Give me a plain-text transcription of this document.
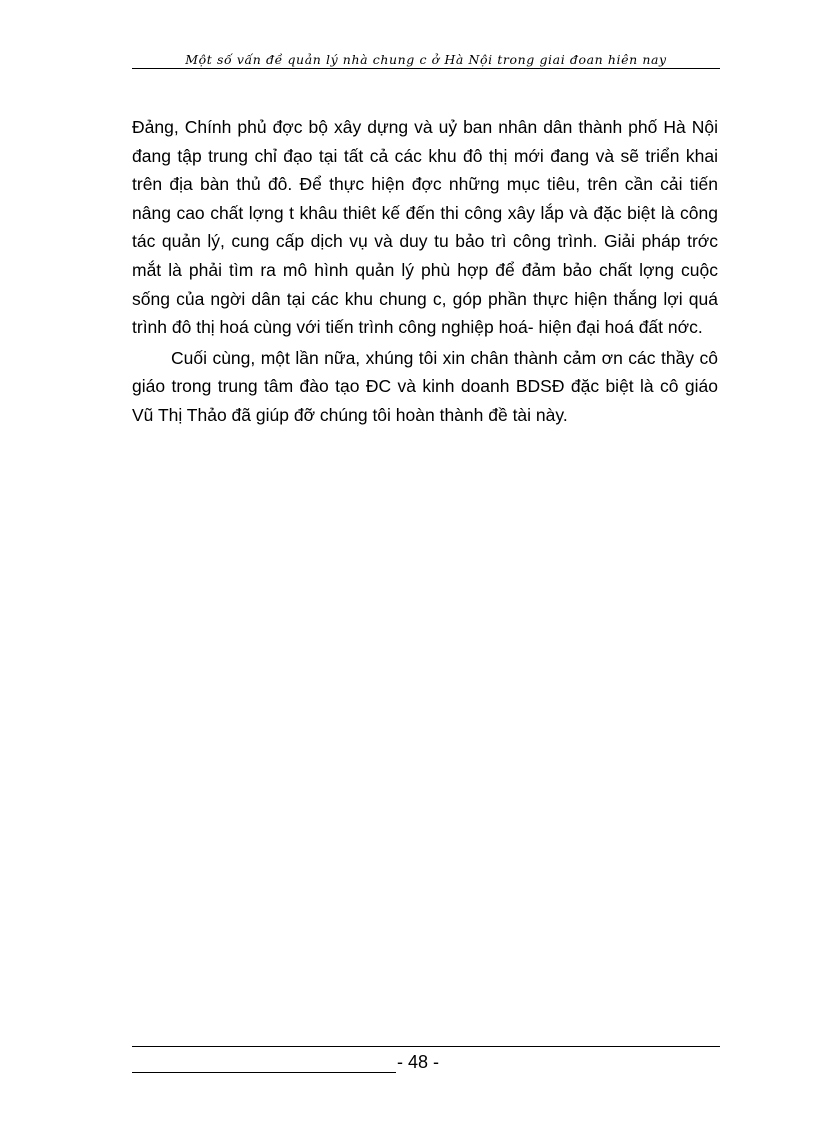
Một số vấn đề quản lý nhà chung c ở Hà Nội trong giai đoan hiên nay

Đảng, Chính phủ đợc bộ xây dựng và uỷ ban nhân dân thành phố Hà Nội đang tập trung chỉ đạo tại tất cả các khu đô thị mới đang và sẽ triển khai trên địa bàn thủ đô. Để thực hiện đợc những mục tiêu, trên cần cải tiến nâng cao chất lợng t khâu thiêt kế đến thi công xây lắp và đặc biệt là công tác quản lý, cung cấp dịch vụ và duy tu bảo trì công trình. Giải pháp trớc mắt là phải tìm ra mô hình quản lý phù hợp để đảm bảo chất lợng cuộc sống của ngời dân tại các khu chung c, góp phần thực hiện thắng lợi quá trình đô thị hoá cùng với tiến trình công nghiệp hoá- hiện đại hoá đất nớc.

Cuối cùng, một lần nữa, xhúng tôi xin chân thành cảm ơn các thầy cô giáo trong trung tâm đào tạo ĐC và kinh doanh BDSĐ đặc biệt là cô giáo Vũ Thị Thảo đã giúp đỡ chúng tôi hoàn thành đề tài này.

- 48 -
